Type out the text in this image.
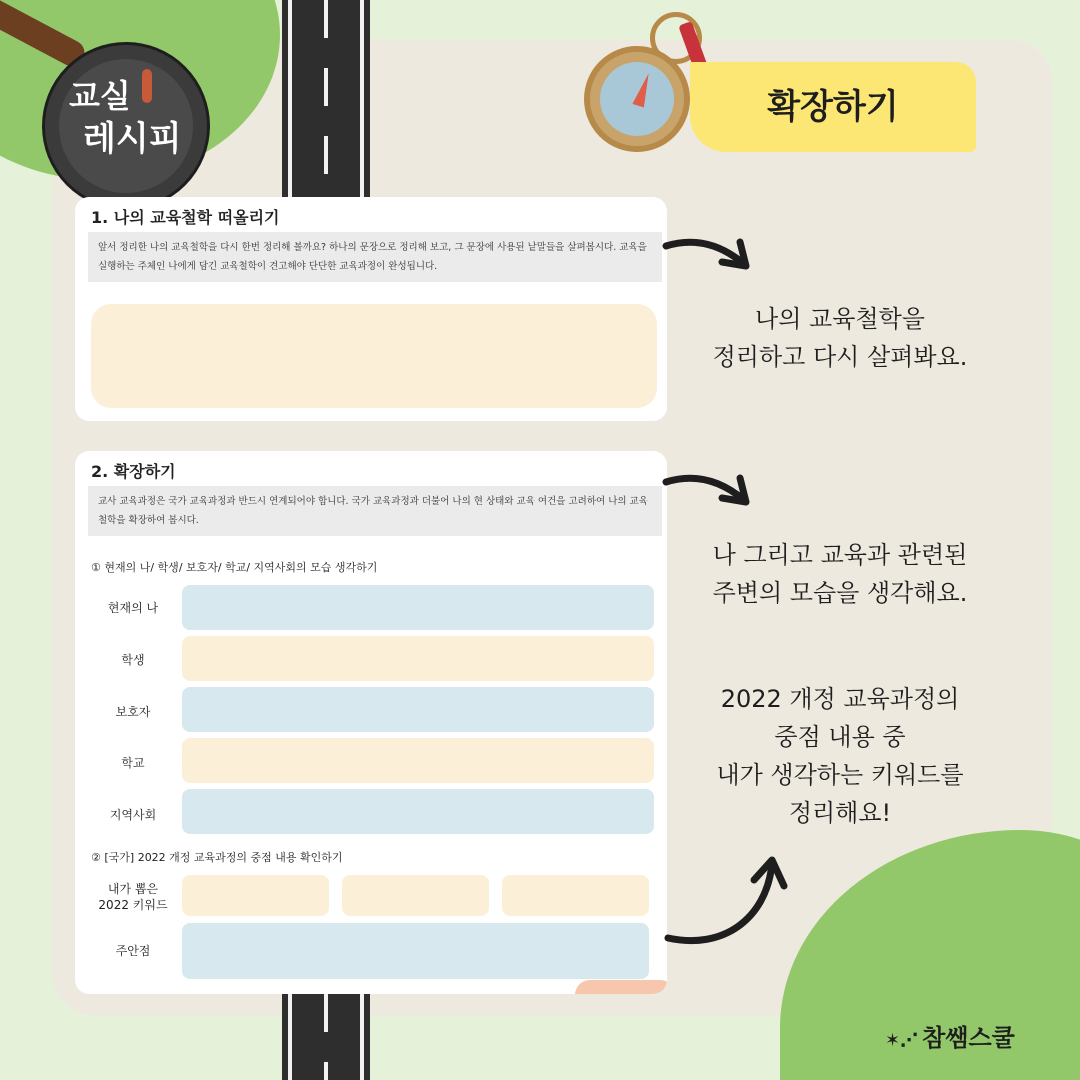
교실
레시피
확장하기
1. 나의 교육철학 떠올리기
앞서 정리한 나의 교육철학을 다시 한번 정리해 볼까요? 하나의 문장으로 정리해 보고, 그 문장에 사용된 낱말들을 살펴봅시다. 교육을 실행하는 주체인 나에게 담긴 교육철학이 견고해야 단단한 교육과정이 완성됩니다.
2. 확장하기
교사 교육과정은 국가 교육과정과 반드시 연계되어야 합니다. 국가 교육과정과 더불어 나의 현 상태와 교육 여건을 고려하여 나의 교육철학을 확장하여 봅시다.
① 현재의 나/ 학생/ 보호자/ 학교/ 지역사회의 모습 생각하기
현재의 나
학생
보호자
학교
지역사회
② [국가] 2022 개정 교육과정의 중점 내용 확인하기
내가 뽑은
2022 키워드
주안점
나의 교육철학을
정리하고 다시 살펴봐요.
나 그리고 교육과 관련된
주변의 모습을 생각해요.
2022 개정 교육과정의
중점 내용 중
내가 생각하는 키워드를
정리해요!
✶⋰ 참쌤스쿨
